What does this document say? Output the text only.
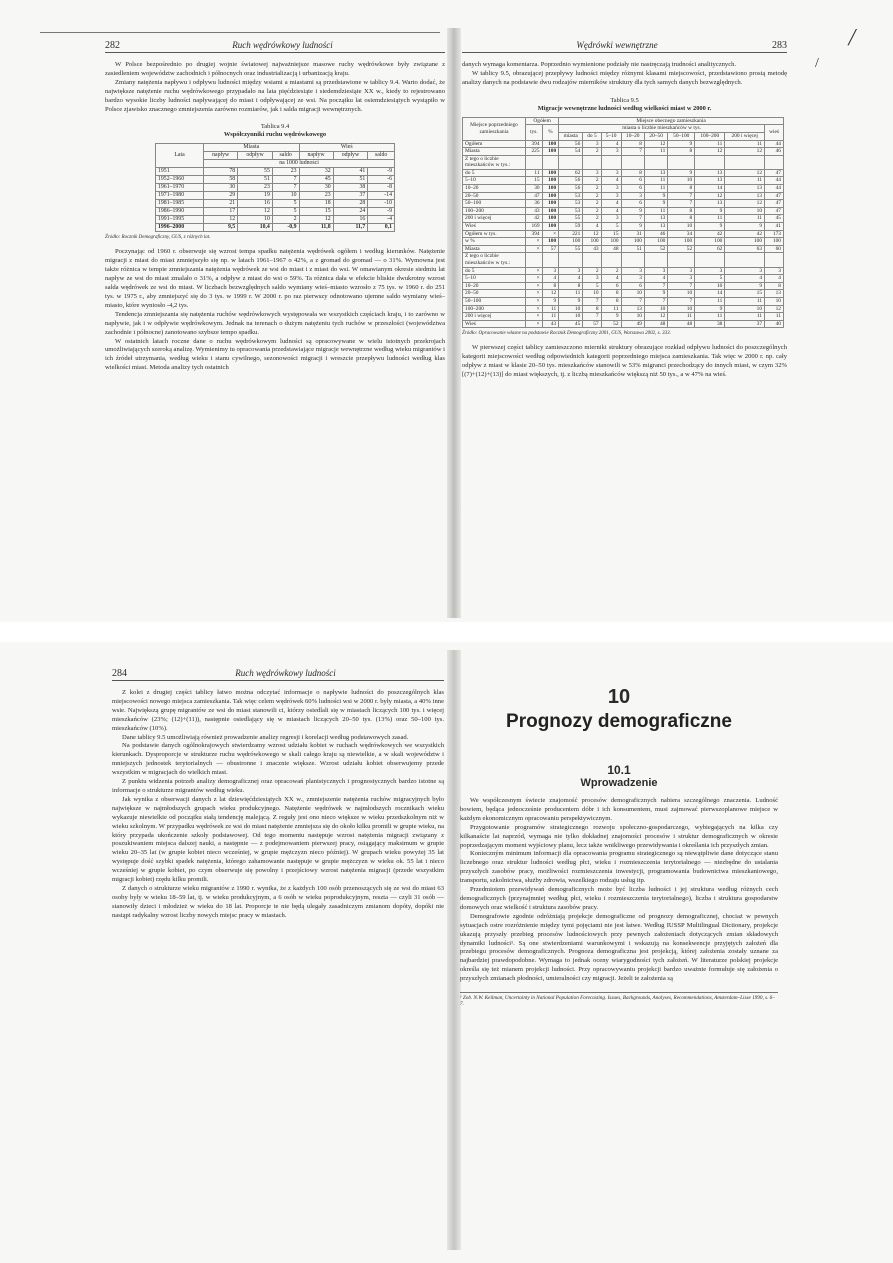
╱
/
282	Ruch wędrówkowy ludności

W Polsce bezpośrednio po drugiej wojnie światowej najważniejsze masowe ruchy wędrówkowe były związane z zasiedleniem województw zachodnich i północnych oraz industrializacją i urbanizacją kraju.

Zmiany natężenia napływu i odpływu ludności między wsiami a miastami są przedstawione w tablicy 9.4. Warto dodać, że największe natężenie ruchu wędrówkowego przypadało na lata pięćdziesiąte i siedemdziesiąte XX w., kiedy to rejestrowano bardzo wysokie liczby ludności napływającej do miast i odpływającej ze wsi. Na początku lat osiemdziesiątych wystąpiło w Polsce zjawisko znacznego zmniejszenia zarówno rozmiarów, jak i salda migracji wewnętrznych.

Tablica 9.4
Współczynniki ruchu wędrówkowego
Lata	Miasta			Wieś		
	napływ	odpływ	saldo	napływ	odpływ	saldo
	na 1000 ludności					
1951	78	55	23	32	41	-9
1952–1960	58	51	7	45	51	-6
1961–1970	30	23	7	30	38	-8
1971–1980	29	19	10	23	37	-14
1981–1985	21	16	5	18	28	-10
1986–1990	17	12	5	15	24	-9
1991–1995	12	10	2	12	16	-4
1996–2000	9,5	10,4	-0,9	11,8	11,7	0,1
Źródło: Rocznik Demograficzny, GUS, z różnych lat.

Poczynając od 1960 r. obserwuje się wzrost tempa spadku natężenia wędrówek ogółem i według kierunków. Natężenie migracji z miast do miast zmniejszyło się np. w latach 1961–1967 o 42%, a z gromad do gromad — o 31%. Wymowna jest także różnica w tempie zmniejszania natężenia wędrówek ze wsi do miast i z miast do wsi. W omawianym okresie siedmiu lat napływ ze wsi do miast zmalało o 31%, a odpływ z miast do wsi o 59%. Ta różnica dała w efekcie bliskie dwukrotny wzrost salda wędrówek ze wsi do miast. W liczbach bezwzględnych saldo wymiany wieś–miasto wzrosło z 75 tys. w 1960 r. do 251 tys. w 1975 r., aby zmniejszyć się do 3 tys. w 1999 r. W 2000 r. po raz pierwszy odnotowano ujemne saldo wymiany wieś–miasto, które wyniosło -4,2 tys.

Tendencja zmniejszania się natężenia ruchów wędrówkowych występowała we wszystkich częściach kraju, i to zarówno w napływie, jak i w odpływie wędrówkowym. Jednak na terenach o dużym natężeniu tych ruchów w przeszłości (województwa zachodnie i północne) zanotowano szybsze tempo spadku.

W ostatnich latach roczne dane o ruchu wędrówkowym ludności są opracowywane w wielu istotnych przekrojach umożliwiających szeroką analizę. Wymienimy tu opracowania przedstawiające migracje wewnętrzne według wieku migrantów i ich źródeł utrzymania, według wieku i stanu cywilnego, sezonowości migracji i wreszcie przepływu ludności według klas wielkości miast. Metoda analizy tych ostatnich

Wędrówki wewnętrzne	283

danych wymaga komentarza. Poprzednio wymienione podziały nie nastręczają trudności analitycznych.

W tablicy 9.5, obrazującej przepływy ludności między różnymi klasami miejscowości, przedstawiono prostą metodę analizy danych na podstawie dwu rodzajów mierników struktury dla tych samych danych bezwzględnych.

Tablica 9.5
Migracje wewnętrzne ludności według wielkości miast w 2000 r.
Miejsce poprzedniego zamieszkania	Ogółem		Miejsce obecnego zamieszkania								
	tys.	%	miasta o liczbie mieszkańców w tys.								wieś
			miasta	do 5	5–10	10–20	20–50	50–100	100–200	200 i więcej	
Ogółem	394	100	56	3	4	8	12	9	11	11	44
Miasta	225	100	54	2	3	7	11	8	12	12	46
Z tego o liczbie mieszkańców w tys.:											
do 5	11	100	62	3	3	8	13	9	13	12	47
5–10	15	100	56	2	4	6	11	10	13	11	44
10–20	30	100	56	2	3	6	11	8	14	13	44
20–50	47	100	53	2	3	3	9	7	12	13	47
50–100	36	100	53	2	4	6	9	7	13	12	47
100–200	43	100	53	2	4	9	11	8	9	10	47
200 i więcej	42	100	55	2	3	7	13	8	11	11	45
Wieś	169	100	59	4	5	9	13	10	9	9	41
Ogółem w tys.	394	×	221	12	15	31	46	34	42	42	173
w %	×	100	100	100	100	100	100	100	100	100	100
Miasta	×	57	55	43	48	51	52	52	62	63	60
Z tego o liczbie mieszkańców w tys.:											
do 5	×	3	3	2	2	3	3	3	3	3	3
5–10	×	4	4	3	4	3	4	3	5	4	4
10–20	×	8	8	5	6	6	7	7	10	9	8
20–50	×	12	11	10	8	10	9	10	14	15	13
50–100	×	9	9	7	8	7	7	7	11	11	10
100–200	×	11	10	8	11	13	10	10	9	10	12
200 i więcej	×	11	10	7	9	10	12	11	11	11	11
Wieś	×	43	45	57	52	49	48	48	38	37	40
Źródło: Opracowanie własne na podstawie Rocznik Demograficzny 2001, GUS, Warszawa 2002, s. 333.

W pierwszej części tablicy zamieszczono mierniki struktury obrazujące rozkład odpływu ludności do poszczególnych kategorii miejscowości według odpowiednich kategorii poprzedniego miejsca zamieszkania. Tak więc w 2000 r. np. cały odpływ z miast w klasie 20–50 tys. mieszkańców stanowili w 53% migranci przechodzący do innych miast, w czym 32% [(7)+(12)+(13)] do miast większych, tj. z liczbą mieszkańców większą niż 50 tys., a w 47% na wieś.

284	Ruch wędrówkowy ludności

Z kolei z drugiej części tablicy łatwo można odczytać informacje o napływie ludności do poszczególnych klas miejscowości nowego miejsca zamieszkania. Tak więc celem wędrówek 60% ludności wsi w 2000 r. były miasta, a 40% inne wsie. Największą grupę migrantów ze wsi do miast stanowili ci, którzy osiedlali się w miastach liczących 100 tys. i więcej mieszkańców (23%; (12)+(11)), następnie osiedlający się w miastach liczących 20–50 tys. (13%) oraz 50–100 tys. mieszkańców (10%).

Dane tablicy 9.5 umożliwiają również prowadzenie analizy regresji i korelacji według podstawowych zasad.

Na podstawie danych ogólnokrajowych stwierdzamy wzrost udziału kobiet w ruchach wędrówkowych we wszystkich kierunkach. Dysproporcje w strukturze ruchu wędrówkowego w skali całego kraju są niewielkie, a w skali województw i mniejszych jednostek terytorialnych — obustronne i znacznie większe. Wzrost udziału kobiet obserwujemy przede wszystkim w migracjach do wielkich miast.

Z punktu widzenia potrzeb analizy demograficznej oraz opracowań planistycznych i prognostycznych bardzo istotne są informacje o strukturze migrantów według wieku.

Jak wynika z obserwacji danych z lat dziewięćdziesiątych XX w., zmniejszenie natężenia ruchów migracyjnych było największe w najmłodszych grupach wieku produkcyjnego. Natężenie wędrówek w najmłodszych rocznikach wieku wykazuje niewielkie od początku stałą tendencję malejącą. Z reguły jest ono nieco większe w wieku przedszkolnym niż w wieku szkolnym. W przypadku wędrówek ze wsi do miast natężenie zmniejsza się do około kilku promili w grupie wieku, na który przypada ukończenie szkoły podstawowej. Od tego momentu następuje wzrost natężenia migracji związany z poszukiwaniem miejsca dalszej nauki, a następnie — z podejmowaniem pierwszej pracy, osiągający maksimum w grupie wieku 20–35 lat (w grupie kobiet nieco wcześniej, w grupie mężczyzn nieco później). W grupach wieku powyżej 35 lat występuje dość szybki spadek natężenia, którego zahamowanie następuje w grupie mężczyzn w wieku ok. 55 lat i nieco wcześniej w grupie kobiet, po czym obserwuje się powolny i przejściowy wzrost natężenia migracji (przede wszystkim migracji kobiet) rzędu kilku promili.

Z danych o strukturze wieku migrantów z 1990 r. wynika, że z każdych 100 osób przenoszących się ze wsi do miast 63 osoby były w wieku 18–59 lat, tj. w wieku produkcyjnym, a 6 osób w wieku poprodukcyjnym, reszta — czyli 31 osób — stanowiły dzieci i młodzież w wieku do 18 lat. Proporcje te nie będą ulegały zasadniczym zmianom dopóty, dopóki nie nastąpi radykalny wzrost liczby nowych miejsc pracy w miastach.

10
Prognozy demograficzne
10.1
Wprowadzenie

We współczesnym świecie znajomość procesów demograficznych nabiera szczególnego znaczenia. Ludność bowiem, będąca jednocześnie producentem dóbr i ich konsumentem, musi zajmować pierwszoplanowe miejsce w każdym ekonomicznym opracowaniu perspektywicznym.

Przygotowanie programów strategicznego rozwoju społeczno-gospodarczego, wybiegających na kilka czy kilkanaście lat naprzód, wymaga nie tylko dokładnej znajomości procesów i struktur demograficznych w okresie poprzedzającym moment wyjściowy planu, lecz także wnikliwego przewidywania i określania ich przyszłych zmian.

Konieczným minimum informacji dla opracowania programu strategicznego są niewątpliwie dane dotyczące stanu liczebnego oraz struktur ludności według płci, wieku i rozmieszczenia terytorialnego — niezbędne do ustalania przyszłych zasobów pracy, możliwości rozmieszczenia inwestycji, programowania budownictwa mieszkaniowego, transportu, szkolnictwa, służby zdrowia, wszelkiego rodzaju usług itp.

Przedmiotem przewidywań demograficznych może być liczba ludności i jej struktura według różnych cech demograficznych (przynajmniej według płci, wieku i rozmieszczenia terytorialnego), liczba i struktura gospodarstw domowych oraz wielkość i struktura zasobów pracy.

Demografowie zgodnie odróżniają projekcje demograficzne od prognozy demograficznej, chociaż w pewnych sytuacjach ostre rozróżnienie między tymi pojęciami nie jest łatwe. Według IUSSP Multilingual Dictionary, projekcje ukazują przyszły przebieg procesów ludnościowych przy pewnych założeniach dotyczących zmian składowych dynamiki ludności¹. Są one stwierdzeniami warunkowymi i wskazują na konsekwencje przyjętych założeń dla przebiegu procesów demograficznych. Prognoza demograficzna jest projekcją, której założenia zostały uznane za najbardziej prawdopodobne. Wymaga to jednak oceny wiarygodności tych założeń. W literaturze polskiej projekcje określa się też mianem projekcji ludności. Przy opracowywaniu projekcji bardzo uważnie formułuje się założenia o przyszłych zmianach płodności, umieralności czy migracji. Jeżeli te założenia są

¹ Zob. N.W. Keilman, Uncertainty in National Population Forecasting. Issues, Backgrounds, Analyses, Recommendations, Amsterdam–Lisse 1990, s. 6–7.
